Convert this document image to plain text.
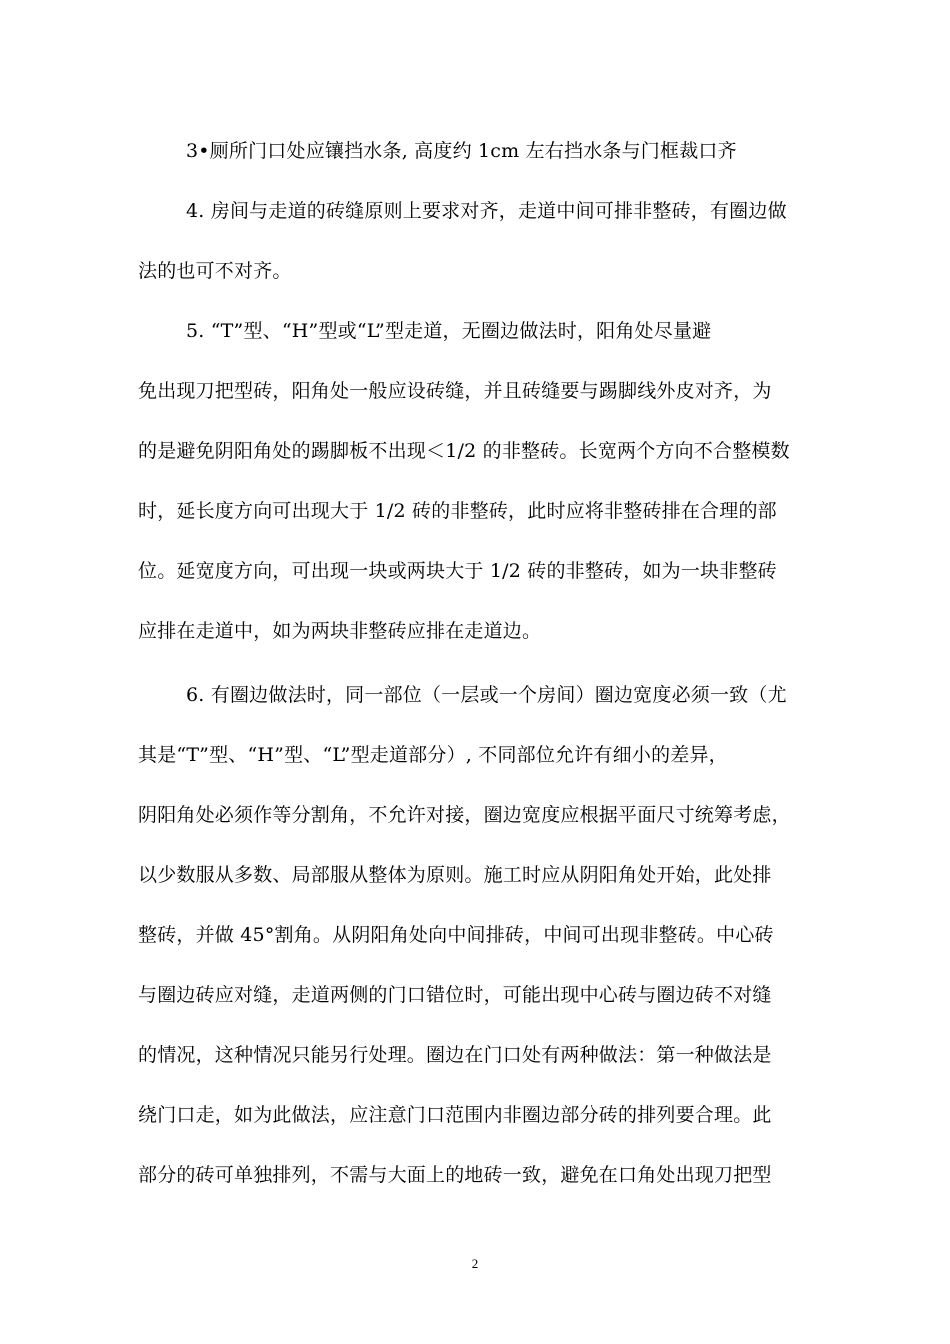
3•厕所门口处应镶挡水条, 高度约 1cm 左右挡水条与门框裁口齐
4. 房间与走道的砖缝原则上要求对齐，走道中间可排非整砖，有圈边做
法的也可不对齐。
5. “T”型、“H”型或“L”型走道，无圈边做法时，阳角处尽量避
免出现刀把型砖，阳角处一般应设砖缝，并且砖缝要与踢脚线外皮对齐，为
的是避免阴阳角处的踢脚板不出现＜1/2 的非整砖。长宽两个方向不合整模数
时，延长度方向可出现大于 1/2 砖的非整砖，此时应将非整砖排在合理的部
位。延宽度方向，可出现一块或两块大于 1/2 砖的非整砖，如为一块非整砖
应排在走道中，如为两块非整砖应排在走道边。
6. 有圈边做法时，同一部位（一层或一个房间）圈边宽度必须一致（尤
其是“T”型、“H”型、“L”型走道部分）, 不同部位允许有细小的差异，
阴阳角处必须作等分割角，不允许对接，圈边宽度应根据平面尺寸统筹考虑，
以少数服从多数、局部服从整体为原则。施工时应从阴阳角处开始，此处排
整砖，并做 45°割角。从阴阳角处向中间排砖，中间可出现非整砖。中心砖
与圈边砖应对缝，走道两侧的门口错位时，可能出现中心砖与圈边砖不对缝
的情况，这种情况只能另行处理。圈边在门口处有两种做法：第一种做法是
绕门口走，如为此做法，应注意门口范围内非圈边部分砖的排列要合理。此
部分的砖可单独排列，不需与大面上的地砖一致，避免在口角处出现刀把型
2
